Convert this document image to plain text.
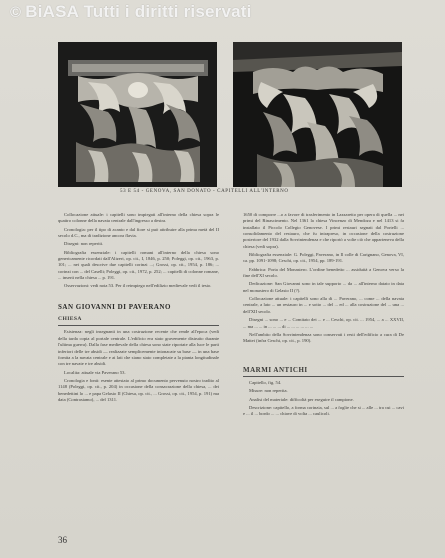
© BiASA Tutti i diritti riservati
53 E 54 - GENOVA, SAN DONATO - CAPITELLI ALL'INTERNO

Collocazione attuale: i capitelli sono impiegati all'interno della chiesa sopra le quattro colonne della navata centrale dall'ingresso a destra.

Cronologia: per il tipo di acanto e dal fiore si può attribuire alla prima metà del II secolo d.C., ma di tradizione ancora flavia.

Disegni: non reperiti.

Bibliografia essenziale: i capitelli romani all'interno della chiesa sono genericamente ricordati dall'Alizeri, op. cit., I, 1846, p. 250; Poleggi, op. cit., 1963, p. 101; ... nei quali descrive due capitelli corinzi ...; Grossi, op. cit., 1954, p. 186; ... corinzi con ... del Caselli; Poleggi, op. cit., 1972, p. 252; ... capitelli di colonne romane, ... inserti nella chiesa ... p. 191.

Osservazioni: vedi nota 53. Per il reimpiego nell'edilizio medievale vedi il testo.

SAN GIOVANNI DI PAVERANO
CHIESA

Esistenza: negli insegnanti in una costruzione recente che rende all'epoca (vedi della tarda copia al portale centrale. L'edificio era stato gravemente distrutto durante l'ultima guerra). Dalla fase medievale della chiesa sono state riportate alla luce le parti inferiori delle tre absidi — realizzate semplicemente intonacate su base — in una base fornita a la navata centrale e ai lati che siano stato completate a la pianta longitudinale con tre navate e tre absidi.

Localita: attuale via Paverano 53.

Cronologia e fonti: esente attestato al primo documento pervenuto nostro tradito al 1148 (Poleggi, op. cit., p. 204) in occasione della consacrazione della chiesa, ... dei benedettini lo ... e papa Gelasio II (Chiesa, op. cit., ... Grossi, op. cit., 1954, p. 191) ma data (Contrastamo), ... del 1311.

1650 di comporre ...o a favore di trasferimento in Lazzaretto per opera di quella ... nei primi del Rinascimento. Nel 1361 la chiesa Vincenzo di Mendoza e nel 1413 si fa installato il Piccolo Collegio Genovese. I primi restauri segnati dal Portelli ... consolidamento del restauro, che fu intrapreso, in occasione della costruzione posteriore del 1932 dalla Sovrintendenza e che riportò a volte ciò che apparteneva della chiesa (vedi sopra).

Bibliografia essenziale: G. Poleggi, Paverano, in Il colle di Carignano, Genova, VI, ca. pp. 1091-1098; Ceschi, op. cit., 1954, pp. 189-191.

Fabbrica: Porta del Monastero. L'ordine benedetto ... assiduità a Genova verso la fine dell'XI secolo.

Dedicazione: San Giovanni sono in tale supporto ... da ... all'interno datato in data nel monastero di Gelasio II (?).

Collocazione attuale: i capitelli sono alla di ... Paverano, ... come ... della navata centrale, a lato ... un restauro in ... e sotto ... del ... ed ... alla costruzione del ... una ... dell'XII secolo.

Disegni ... sono ... e ... Comitato dei ... e ... Ceschi, op. cit. ... 1954, ... a ... XXVII, ... ma ... ... in ... ... ... di ... ... ... ... ... ...

Nell'ambito della Sovrintendenza sono conservati i resti dell'edificio a cura di De Mattei (infra Ceschi, op. cit., p. 190).

MARMI ANTICHI

Capitello, fig. 54.

Misure: non reperita.

Analisi del materiale: difficoltà per eseguire il campione.

Descrizione: capitello, a forma corinzia, sul ... a foglie che si ... alle ... tra cui ... cavi e ... il ... bordo ... ... chiave di volta ... caulicoli.

36
